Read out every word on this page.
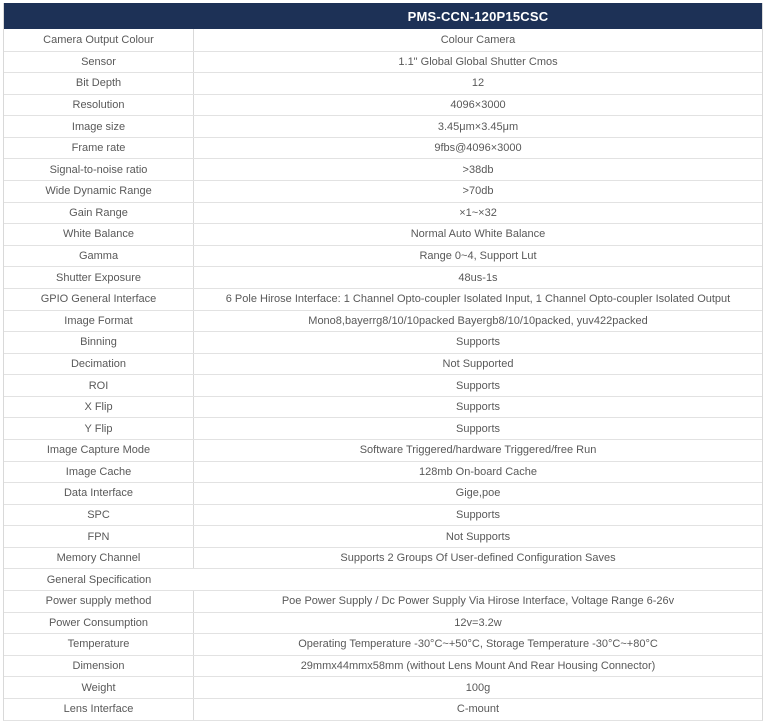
PMS-CCN-120P15CSC
Camera Output Colour	Colour Camera
Sensor	1.1" Global Global Shutter Cmos
Bit Depth	12
Resolution	4096×3000
Image size	3.45μm×3.45μm
Frame rate	9fbs@4096×3000
Signal-to-noise ratio	>38db
Wide Dynamic Range	>70db
Gain Range	×1~×32
White Balance	Normal Auto White Balance
Gamma	Range 0~4, Support Lut
Shutter Exposure	48us-1s
GPIO General Interface	6 Pole Hirose Interface: 1 Channel Opto-coupler Isolated Input, 1 Channel Opto-coupler Isolated Output
Image Format	Mono8,bayerrg8/10/10packed Bayergb8/10/10packed, yuv422packed
Binning	Supports
Decimation	Not Supported
ROI	Supports
X Flip	Supports
Y Flip	Supports
Image Capture Mode	Software Triggered/hardware Triggered/free Run
Image Cache	128mb On-board Cache
Data Interface	Gige,poe
SPC	Supports
FPN	Not Supports
Memory Channel	Supports 2 Groups Of User-defined Configuration Saves
General Specification
Power supply method	Poe Power Supply / Dc Power Supply Via Hirose Interface, Voltage Range 6-26v
Power Consumption	12v=3.2w
Temperature	Operating Temperature -30°C~+50°C, Storage Temperature -30°C~+80°C
Dimension	29mmx44mmx58mm (without Lens Mount And Rear Housing Connector)
Weight	100g
Lens Interface	C-mount
